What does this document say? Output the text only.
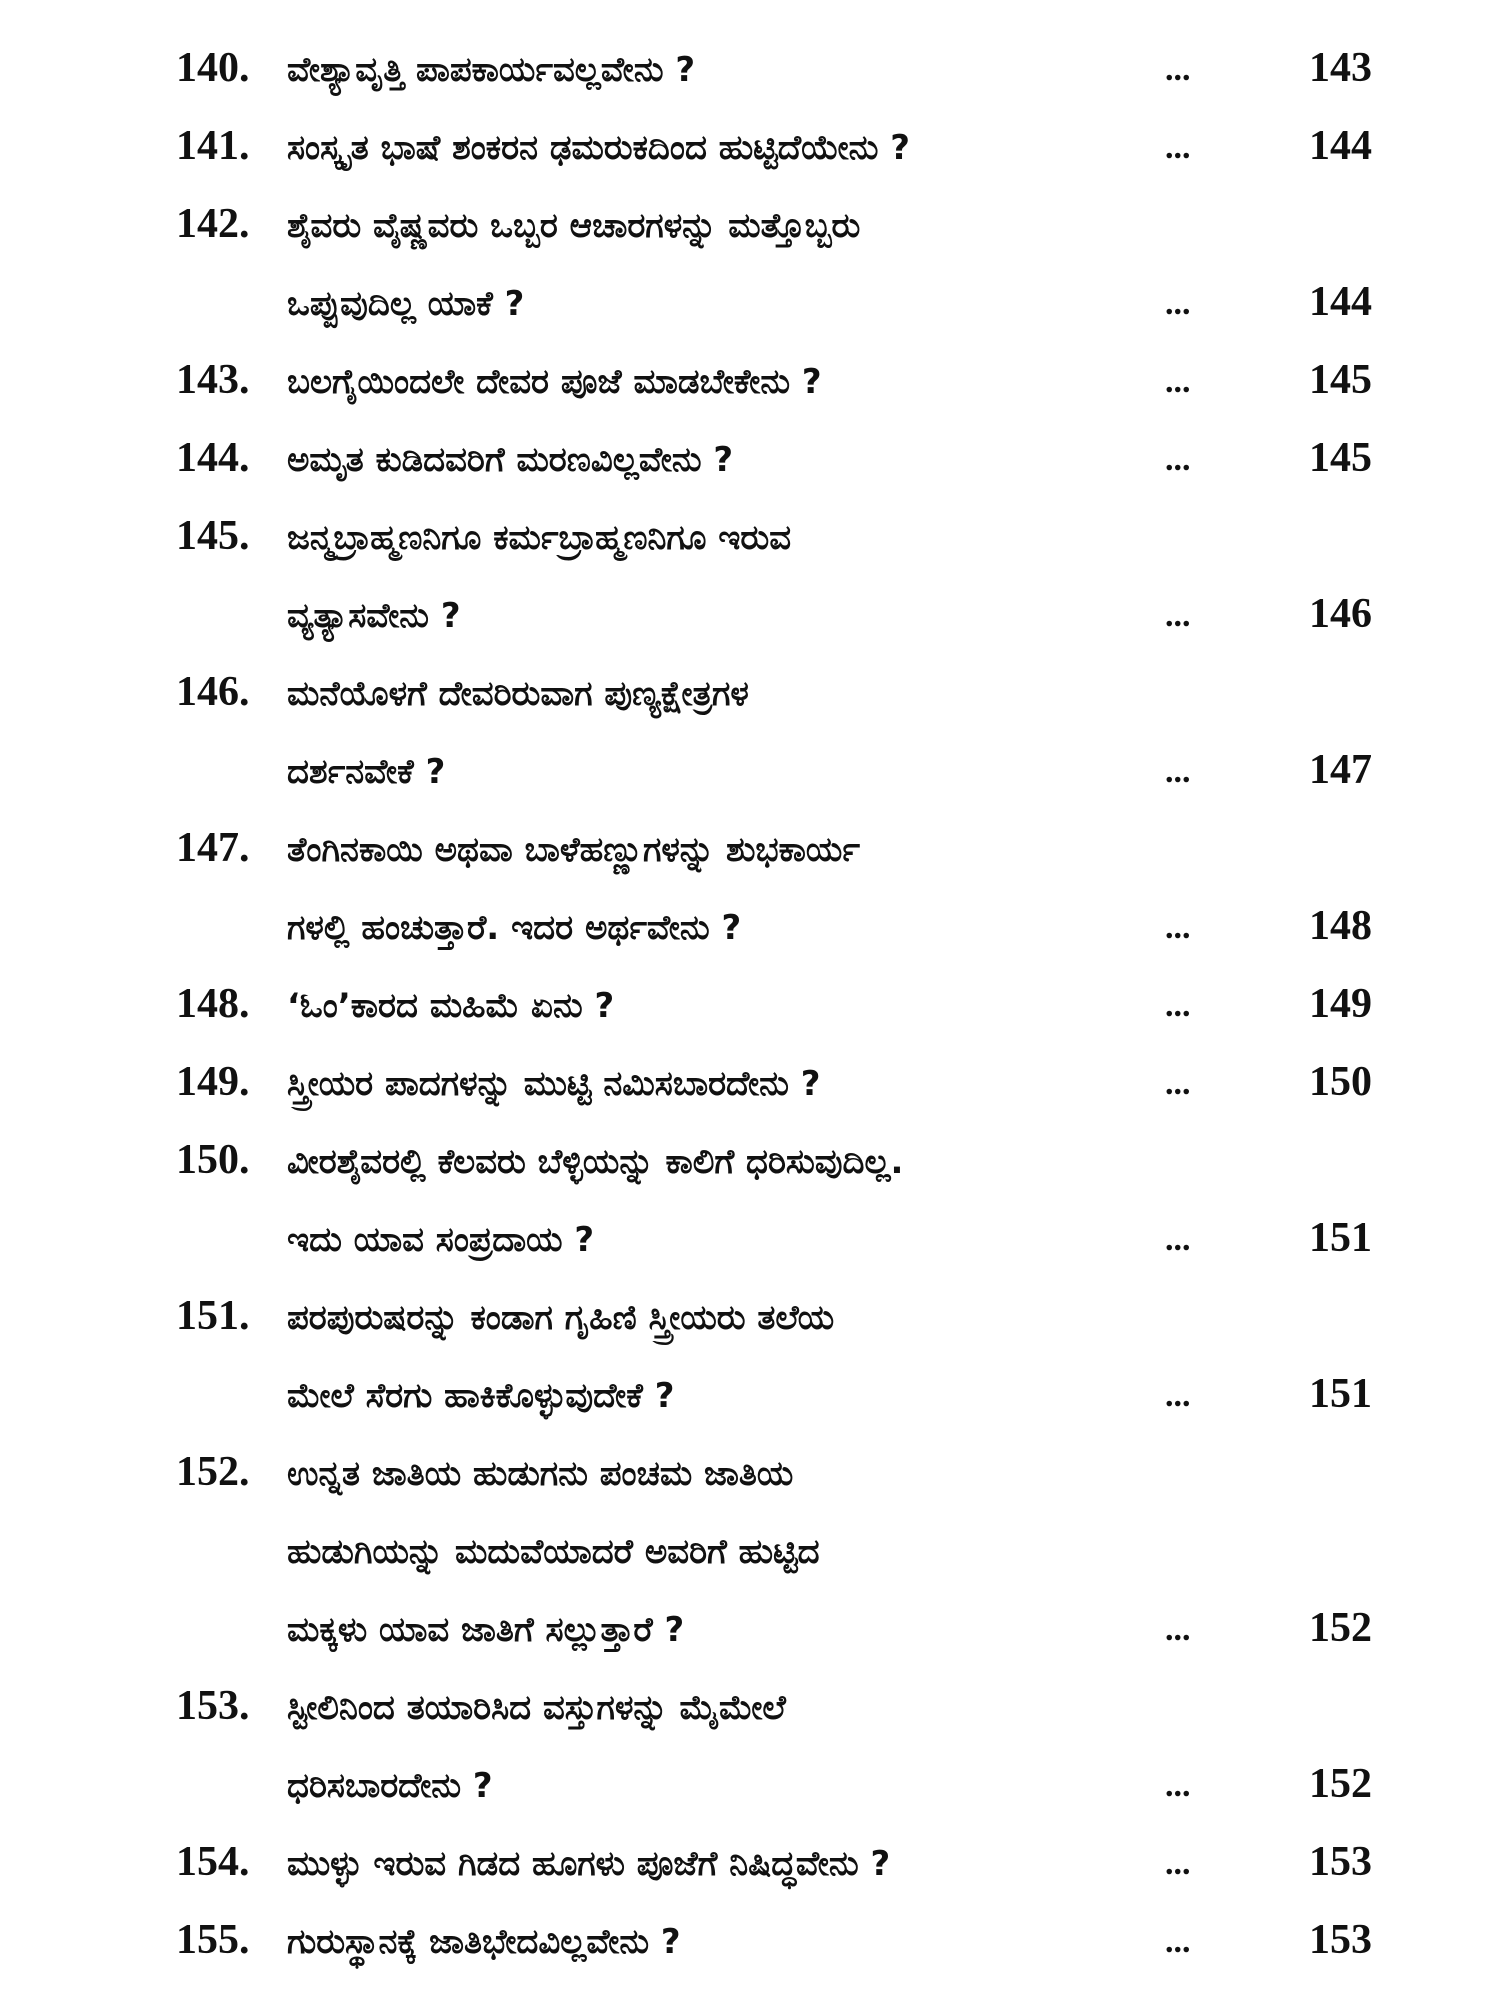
140. ವೇಶ್ಯಾವೃತ್ತಿ ಪಾಪಕಾರ್ಯವಲ್ಲವೇನು ?	...	143
141. ಸಂಸ್ಕೃತ ಭಾಷೆ ಶಂಕರನ ಢಮರುಕದಿಂದ ಹುಟ್ಟಿದೆಯೇನು ?	...	144
142. ಶೈವರು ವೈಷ್ಣವರು ಒಬ್ಬರ ಆಚಾರಗಳನ್ನು ಮತ್ತೊಬ್ಬರು
ಒಪ್ಪುವುದಿಲ್ಲ ಯಾಕೆ ?	...	144
143. ಬಲಗೈಯಿಂದಲೇ ದೇವರ ಪೂಜೆ ಮಾಡಬೇಕೇನು ?	...	145
144. ಅಮೃತ ಕುಡಿದವರಿಗೆ ಮರಣವಿಲ್ಲವೇನು ?	...	145
145. ಜನ್ಮಬ್ರಾಹ್ಮಣನಿಗೂ ಕರ್ಮಬ್ರಾಹ್ಮಣನಿಗೂ ಇರುವ
ವ್ಯತ್ಯಾಸವೇನು ?	...	146
146. ಮನೆಯೊಳಗೆ ದೇವರಿರುವಾಗ ಪುಣ್ಯಕ್ಷೇತ್ರಗಳ
ದರ್ಶನವೇಕೆ ?	...	147
147. ತೆಂಗಿನಕಾಯಿ ಅಥವಾ ಬಾಳೆಹಣ್ಣುಗಳನ್ನು ಶುಭಕಾರ್ಯ
ಗಳಲ್ಲಿ ಹಂಚುತ್ತಾರೆ. ಇದರ ಅರ್ಥವೇನು ?	...	148
148. ‘ಓಂ’ಕಾರದ ಮಹಿಮೆ ಏನು ?	...	149
149. ಸ್ತ್ರೀಯರ ಪಾದಗಳನ್ನು ಮುಟ್ಟಿ ನಮಿಸಬಾರದೇನು ?	...	150
150. ವೀರಶೈವರಲ್ಲಿ ಕೆಲವರು ಬೆಳ್ಳಿಯನ್ನು ಕಾಲಿಗೆ ಧರಿಸುವುದಿಲ್ಲ.
ಇದು ಯಾವ ಸಂಪ್ರದಾಯ ?	...	151
151. ಪರಪುರುಷರನ್ನು ಕಂಡಾಗ ಗೃಹಿಣಿ ಸ್ತ್ರೀಯರು ತಲೆಯ
ಮೇಲೆ ಸೆರಗು ಹಾಕಿಕೊಳ್ಳುವುದೇಕೆ ?	...	151
152. ಉನ್ನತ ಜಾತಿಯ ಹುಡುಗನು ಪಂಚಮ ಜಾತಿಯ
ಹುಡುಗಿಯನ್ನು ಮದುವೆಯಾದರೆ ಅವರಿಗೆ ಹುಟ್ಟಿದ
ಮಕ್ಕಳು ಯಾವ ಜಾತಿಗೆ ಸಲ್ಲುತ್ತಾರೆ ?	...	152
153. ಸ್ಟೀಲಿನಿಂದ ತಯಾರಿಸಿದ ವಸ್ತುಗಳನ್ನು ಮೈಮೇಲೆ
ಧರಿಸಬಾರದೇನು ?	...	152
154. ಮುಳ್ಳು ಇರುವ ಗಿಡದ ಹೂಗಳು ಪೂಜೆಗೆ ನಿಷಿದ್ಧವೇನು ?	...	153
155. ಗುರುಸ್ಥಾನಕ್ಕೆ ಜಾತಿಭೇದವಿಲ್ಲವೇನು ?	...	153
